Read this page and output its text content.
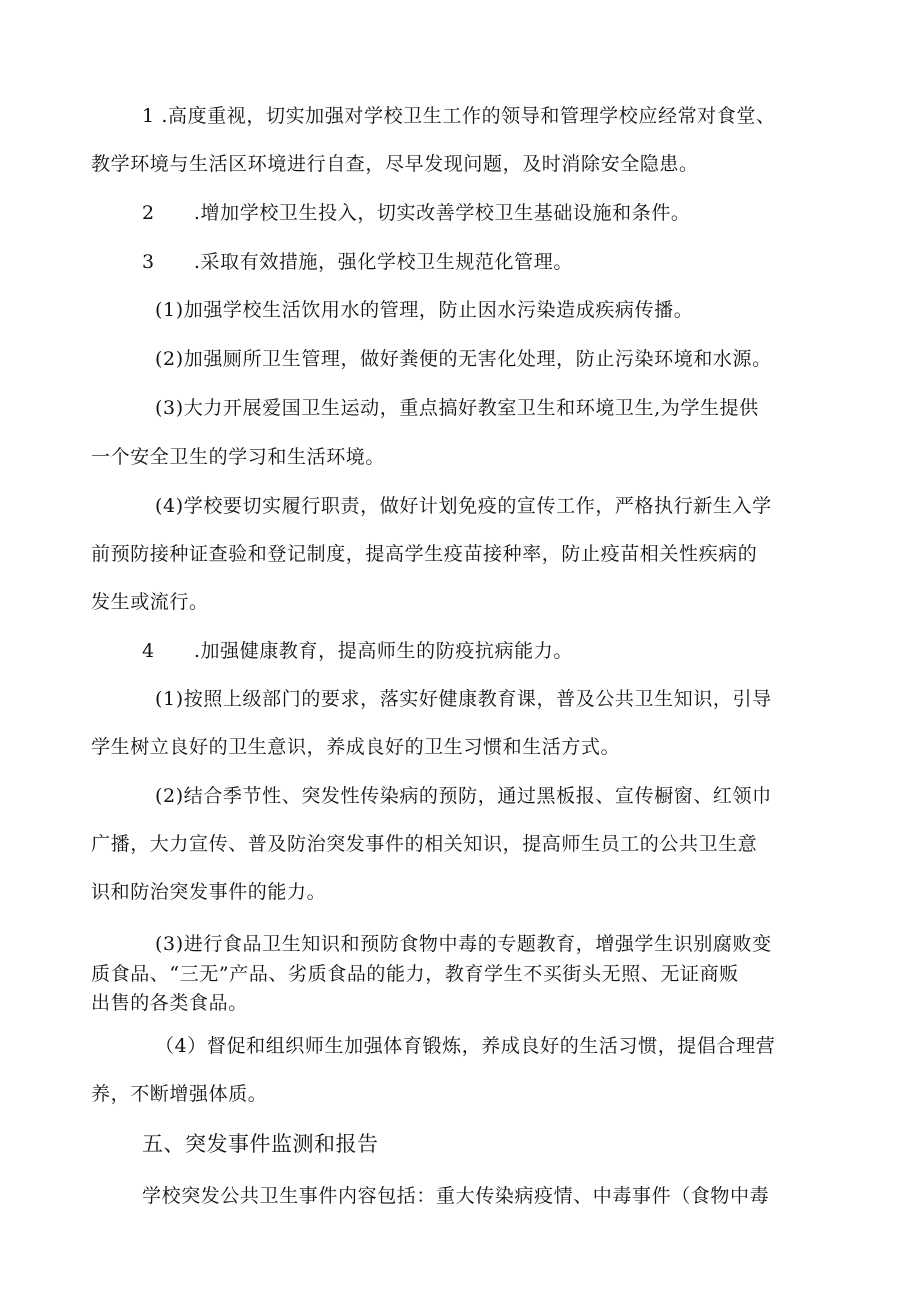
1 .高度重视，切实加强对学校卫生工作的领导和管理学校应经常对食堂、
教学环境与生活区环境进行自查，尽早发现问题，及时消除安全隐患。
2　　.增加学校卫生投入，切实改善学校卫生基础设施和条件。
3　　.采取有效措施，强化学校卫生规范化管理。
(1)加强学校生活饮用水的管理，防止因水污染造成疾病传播。
(2)加强厕所卫生管理，做好粪便的无害化处理，防止污染环境和水源。
(3)大力开展爱国卫生运动，重点搞好教室卫生和环境卫生,为学生提供
一个安全卫生的学习和生活环境。
(4)学校要切实履行职责，做好计划免疫的宣传工作，严格执行新生入学
前预防接种证查验和登记制度，提高学生疫苗接种率，防止疫苗相关性疾病的
发生或流行。
4　　.加强健康教育，提高师生的防疫抗病能力。
(1)按照上级部门的要求，落实好健康教育课，普及公共卫生知识，引导
学生树立良好的卫生意识，养成良好的卫生习惯和生活方式。
(2)结合季节性、突发性传染病的预防，通过黑板报、宣传橱窗、红领巾
广播，大力宣传、普及防治突发事件的相关知识，提高师生员工的公共卫生意
识和防治突发事件的能力。
(3)进行食品卫生知识和预防食物中毒的专题教育，增强学生识别腐败变
质食品、“三无”产品、劣质食品的能力，教育学生不买街头无照、无证商贩
出售的各类食品。
（4）督促和组织师生加强体育锻炼，养成良好的生活习惯，提倡合理营
养，不断增强体质。
五、突发事件监测和报告
学校突发公共卫生事件内容包括：重大传染病疫情、中毒事件（食物中毒
